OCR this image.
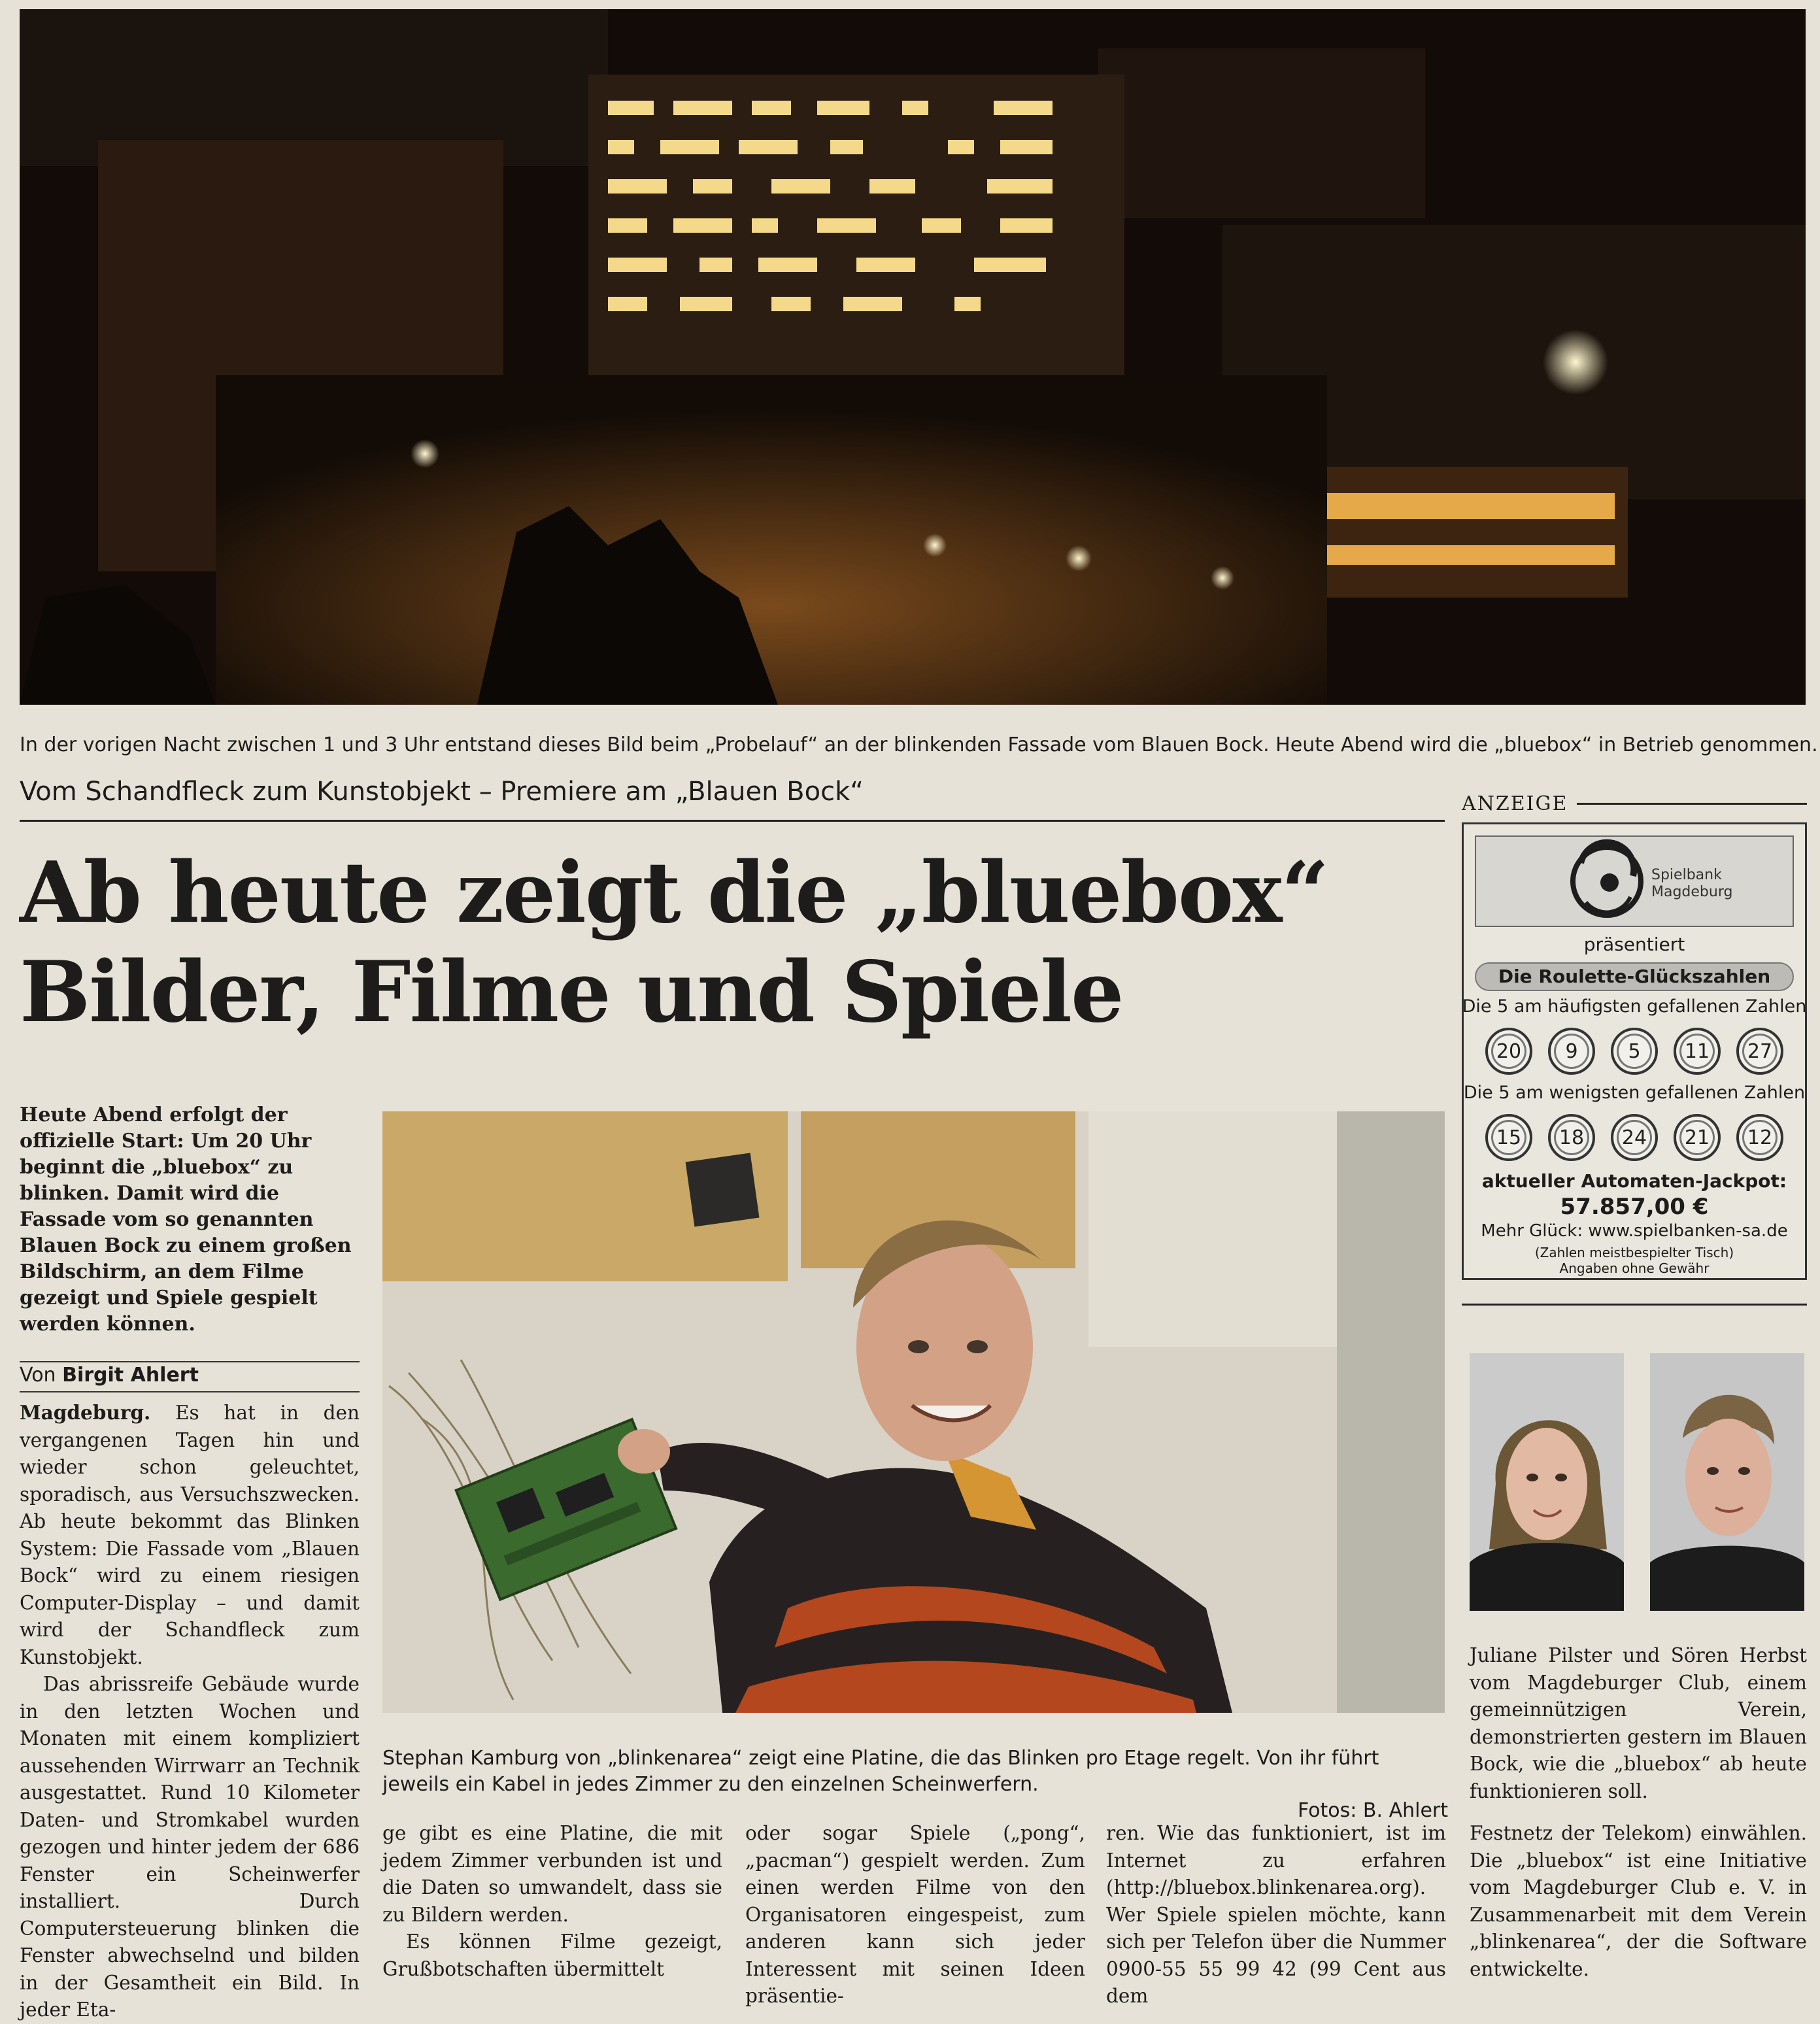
In der vorigen Nacht zwischen 1 und 3 Uhr entstand dieses Bild beim „Probelauf“ an der blinkenden Fassade vom Blauen Bock. Heute Abend wird die „bluebox“ in Betrieb genommen.
Vom Schandfleck zum Kunstobjekt – Premiere am „Blauen Bock“
Ab heute zeigt die „bluebox“
Bilder, Filme und Spiele
Heute Abend erfolgt der offizielle Start: Um 20 Uhr beginnt die „bluebox“ zu blinken. Damit wird die Fassade vom so genannten Blauen Bock zu einem großen Bildschirm, an dem Filme gezeigt und Spiele gespielt werden können.
Von Birgit Ahlert

Magdeburg. Es hat in den vergangenen Tagen hin und wieder schon geleuchtet, sporadisch, aus Versuchszwecken. Ab heute bekommt das Blinken System: Die Fassade vom „Blauen Bock“ wird zu einem riesigen Computer-Display – und damit wird der Schandfleck zum Kunstobjekt.

Das abrissreife Gebäude wurde in den letzten Wochen und Monaten mit einem kompliziert aussehenden Wirrwarr an Technik ausgestattet. Rund 10 Kilometer Daten- und Stromkabel wurden gezogen und hinter jedem der 686 Fenster ein Scheinwerfer installiert. Durch Computersteuerung blinken die Fenster abwechselnd und bilden in der Gesamtheit ein Bild. In jeder Eta-

ge gibt es eine Platine, die mit jedem Zimmer verbunden ist und die Daten so umwandelt, dass sie zu Bildern werden.

Es können Filme gezeigt, Grußbotschaften übermittelt

oder sogar Spiele („pong“, „pacman“) gespielt werden. Zum einen werden Filme von den Organisatoren eingespeist, zum anderen kann sich jeder Interessent mit seinen Ideen präsentie-

ren. Wie das funktioniert, ist im Internet zu erfahren (http://bluebox.blinkenarea.org). Wer Spiele spielen möchte, kann sich per Telefon über die Nummer 0900-55 55 99 42 (99 Cent aus dem

Festnetz der Telekom) einwählen. Die „bluebox“ ist eine Initiative vom Magdeburger Club e. V. in Zusammenarbeit mit dem Verein „blinkenarea“, der die Software entwickelte.

Stephan Kamburg von „blinkenarea“ zeigt eine Platine, die das Blinken pro Etage regelt. Von ihr führt jeweils ein Kabel in jedes Zimmer zu den einzelnen Scheinwerfern.
Fotos: B. Ahlert
ANZEIGE
Spielbank
Magdeburg
präsentiert
Die Roulette-Glückszahlen
Die 5 am häufigsten gefallenen Zahlen
20	9	5	11	27
Die 5 am wenigsten gefallenen Zahlen
15	18	24	21	12
aktueller Automaten-Jackpot:
57.857,00 €
Mehr Glück: www.spielbanken-sa.de
(Zahlen meistbespielter Tisch)
Angaben ohne Gewähr
Juliane Pilster und Sören Herbst vom Magdeburger Club, einem gemeinnützigen Verein, demonstrierten gestern im Blauen Bock, wie die „bluebox“ ab heute funktionieren soll.
